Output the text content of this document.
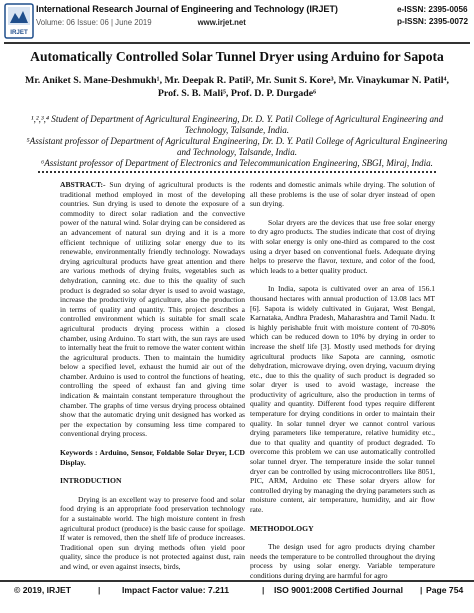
IRJET
International Research Journal of Engineering and Technology (IRJET)
Volume: 06 Issue: 06 | June 2019	www.irjet.net
e-ISSN: 2395-0056
p-ISSN: 2395-0072
Automatically Controlled Solar Tunnel Dryer using Arduino for Sapota
Mr. Aniket S. Mane-Deshmukh¹, Mr. Deepak R. Patil², Mr. Sunit S. Kore³, Mr. Vinaykumar N. Patil⁴,
Prof. S. B. Mali⁵, Prof. D. P. Durgade⁶

¹,²,³,⁴ Student of Department of Agricultural Engineering, Dr. D. Y. Patil College of Agricultural Engineering and Technology, Talsande, India.

⁵Assistant professor of Department of Agricultural Engineering, Dr. D. Y. Patil College of Agricultural Engineering and Technology, Talsande, India.

⁶Assistant professor of Department of Electronics and Telecommunication Engineering, SBGI, Miraj, India.

ABSTRACT:- Sun drying of agricultural products is the traditional method employed in most of the developing countries. Sun drying is used to denote the exposure of a commodity to direct solar radiation and the convective power of the natural wind. Solar drying can be considered as an advancement of natural sun drying and it is a more efficient technique of utilizing solar energy due to its renewable, environmentally friendly technology. Nowadays drying agricultural products have great attention and there are various methods of drying fruits, vegetables such as dehydration, canning etc. due to this the quality of such product is degraded so solar dryer is used to avoid wastage, increase the productivity of agriculture, also the production in terms of quality and quantity. This project describes a controlled environment which is suitable for small scale agricultural products drying process within a closed chamber, using Arduino. To start with, the sun rays are used to internally heat the fruit to remove the water content within the agricultural products. Then to maintain the humidity below a specified level, exhaust the humid air out of the chamber. Arduino is used to control the functions of heating, controlling the speed of exhaust fan and giving time indication & maintain constant temperature throughout the chamber. The graphs of time versus drying process obtained show that the automatic drying unit designed has worked as per the expectation by consuming less time compared to conventional drying process.

Keywords : Arduino, Sensor, Foldable Solar Dryer, LCD Display.

INTRODUCTION

Drying is an excellent way to preserve food and solar food drying is an appropriate food preservation technology for a sustainable world. The high moisture content in fresh agricultural product (produce) is the basic cause for spoilage. If water is removed, then the shelf life of produce increases. Traditional open sun drying methods often yield poor quality, since the produce is not protected against dust, rain and wind, or even against insects, birds,

rodents and domestic animals while drying. The solution of all these problems is the use of solar dryer instead of open sun drying.

Solar dryers are the devices that use free solar energy to dry agro products. The studies indicate that cost of drying with solar energy is only one-third as compared to the cost using a dryer based on conventional fuels. Adequate drying helps to preserve the flavor, texture, and color of the food, which leads to a better quality product.

In India, sapota is cultivated over an area of 156.1 thousand hectares with annual production of 13.08 lacs MT [6]. Sapota is widely cultivated in Gujarat, West Bengal, Karnataka, Andhra Pradesh, Maharashtra and Tamil Nadu. It is highly perishable fruit with moisture content of 70-80% which can be reduced down to 10% by drying in order to increase the shelf life [3]. Mostly used methods for drying agricultural products like Sapota are canning, osmotic dehydration, microwave drying, oven drying, vacuum drying etc., due to this the quality of such product is degraded so solar dryer is used to avoid wastage, increase the productivity of agriculture, also the production in terms of quality and quantity. Different food types require different temperature for drying conditions in order to maintain their quality. In solar tunnel dryer we cannot control various drying parameters like temperature, relative humidity etc., due to that quality and quantity of product degraded. To overcome this problem we can use automatically controlled solar tunnel dryer. The temperature inside the solar tunnel dryer can be controlled by using microcontrollers like 8051, PIC, ARM, Arduino etc These solar dryers allow for controlled drying by managing the drying parameters such as moisture content, air temperature, humidity, and air flow rate.

METHODOLOGY

The design used for agro products drying chamber needs the temperature to be controlled throughout the drying process by using solar energy. Variable temperature conditions during drying are harmful for agro

© 2019, IRJET	|	Impact Factor value: 7.211	| ISO 9001:2008 Certified Journal | Page 754
